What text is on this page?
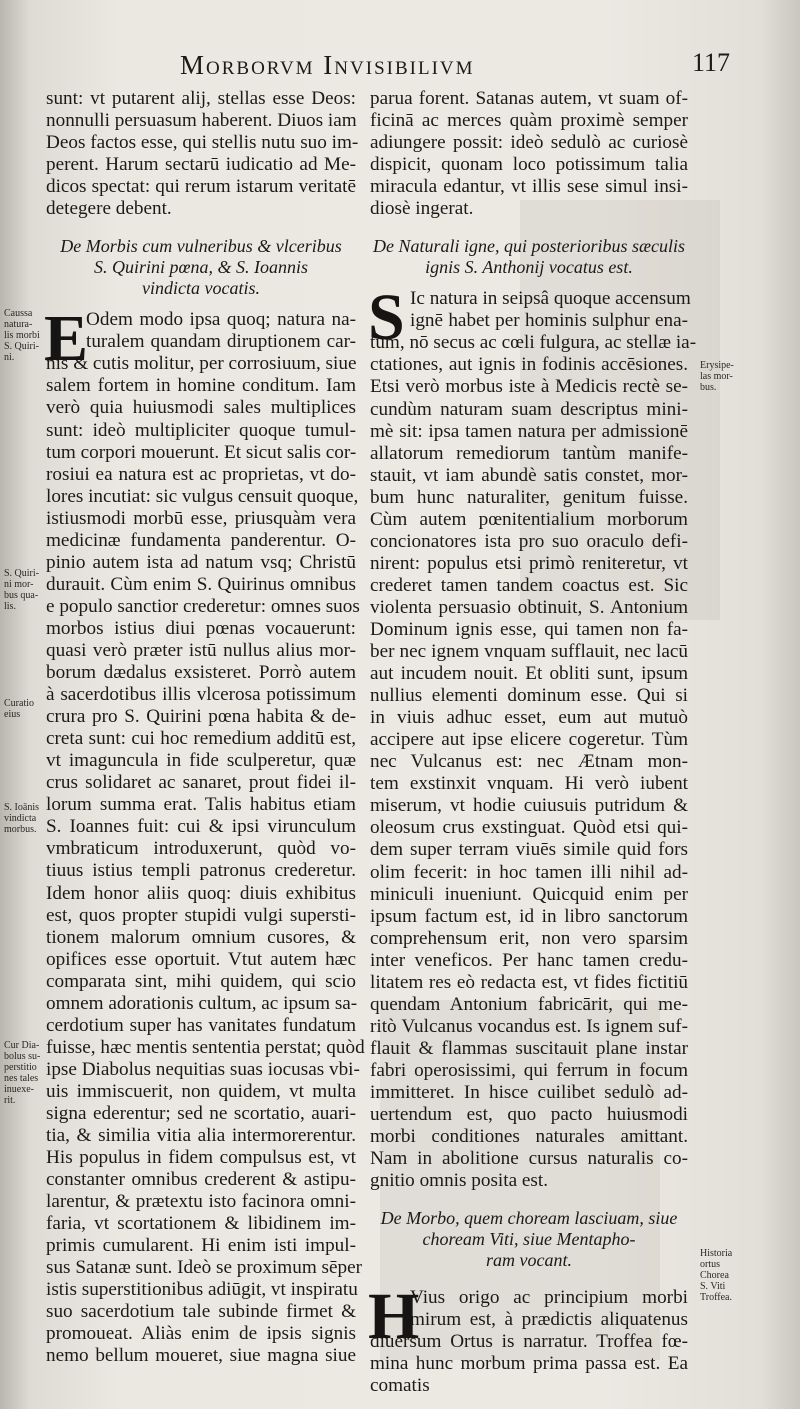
Morborvm Invisibilivm	117

sunt: vt putarent alij, stellas esse Deos:
nonnulli persuasum haberent. Diuos iam
Deos factos esse, qui stellis nutu suo im-
perent. Harum sectarū iudicatio ad Me-
dicos spectat: qui rerum istarum veritatē
detegere debent.

De Morbis cum vulneribus & vlceribus
S. Quirini pœna, & S. Ioannis
vindicta vocatis.
E
Odem modo ipsa quoq; natura na-
turalem quandam diruptionem car-
nis & cutis molitur, per corrosiuum, siue
salem fortem in homine conditum. Iam
verò quia huiusmodi sales multiplices
sunt: ideò multipliciter quoque tumul-
tum corpori mouerunt. Et sicut salis cor-
rosiui ea natura est ac proprietas, vt do-
lores incutiat: sic vulgus censuit quoque,
istiusmodi morbū esse, priusquàm vera
medicinæ fundamenta panderentur. O-
pinio autem ista ad natum vsq; Christū
durauit. Cùm enim S. Quirinus omnibus
e populo sanctior crederetur: omnes suos
morbos istius diui pœnas vocauerunt:
quasi verò præter istū nullus alius mor-
borum dædalus exsisteret. Porrò autem
à sacerdotibus illis vlcerosa potissimum
crura pro S. Quirini pœna habita & de-
creta sunt: cui hoc remedium additū est,
vt imaguncula in fide sculperetur, quæ
crus solidaret ac sanaret, prout fidei il-
lorum summa erat. Talis habitus etiam
S. Ioannes fuit: cui & ipsi virunculum
vmbraticum introduxerunt, quòd vo-
tiuus istius templi patronus crederetur.
Idem honor aliis quoq: diuis exhibitus
est, quos propter stupidi vulgi supersti-
tionem malorum omnium cusores, &
opifices esse oportuit. Vtut autem hæc
comparata sint, mihi quidem, qui scio
omnem adorationis cultum, ac ipsum sa-
cerdotium super has vanitates fundatum
fuisse, hæc mentis sententia perstat; quòd
ipse Diabolus nequitias suas iocusas vbi-
uis immiscuerit, non quidem, vt multa
signa ederentur; sed ne scortatio, auari-
tia, & similia vitia alia intermorerentur.
His populus in fidem compulsus est, vt
constanter omnibus crederent & astipu-
larentur, & prætextu isto facinora omni-
faria, vt scortationem & libidinem im-
primis cumularent. Hi enim isti impul-
sus Satanæ sunt. Ideò se proximum sēper
istis superstitionibus adiūgit, vt inspiratu
suo sacerdotium tale subinde firmet &
promoueat. Aliàs enim de ipsis signis
nemo bellum moueret, siue magna siue

parua forent. Satanas autem, vt suam of-
ficinā ac merces quàm proximè semper
adiungere possit: ideò sedulò ac curiosè
dispicit, quonam loco potissimum talia
miracula edantur, vt illis sese simul insi-
diosè ingerat.

De Naturali igne, qui posterioribus sæculis
ignis S. Anthonij vocatus est.
S Ic natura in seipsâ quoque accensum
ignē habet per hominis sulphur ena-
tum, nō secus ac cœli fulgura, ac stellæ ia-
ctationes, aut ignis in fodinis accēsiones.
Etsi verò morbus iste à Medicis rectè se-
cundùm naturam suam descriptus mini-
mè sit: ipsa tamen natura per admissionē
allatorum remediorum tantùm manife-
stauit, vt iam abundè satis constet, mor-
bum hunc naturaliter, genitum fuisse.
Cùm autem pœnitentialium morborum
concionatores ista pro suo oraculo defi-
nirent: populus etsi primò reniteretur, vt
crederet tamen tandem coactus est. Sic
violenta persuasio obtinuit, S. Antonium
Dominum ignis esse, qui tamen non fa-
ber nec ignem vnquam sufflauit, nec lacū
aut incudem nouit. Et obliti sunt, ipsum
nullius elementi dominum esse. Qui si
in viuis adhuc esset, eum aut mutuò
accipere aut ipse elicere cogeretur. Tùm
nec Vulcanus est: nec Ætnam mon-
tem exstinxit vnquam. Hi verò iubent
miserum, vt hodie cuiusuis putridum &
oleosum crus exstinguat. Quòd etsi qui-
dem super terram viuēs simile quid fors
olim fecerit: in hoc tamen illi nihil ad-
miniculi inueniunt. Quicquid enim per
ipsum factum est, id in libro sanctorum
comprehensum erit, non vero sparsim
inter veneficos. Per hanc tamen credu-
litatem res eò redacta est, vt fides fictitiū
quendam Antonium fabricārit, qui me-
ritò Vulcanus vocandus est. Is ignem suf-
flauit & flammas suscitauit plane instar
fabri operosissimi, qui ferrum in focum
immitteret. In hisce cuilibet sedulò ad-
uertendum est, quo pacto huiusmodi
morbi conditiones naturales amittant.
Nam in abolitione cursus naturalis co-
gnitio omnis posita est.
De Morbo, quem choream lasciuam, siue
choream Viti, siue Mentapho-
ram vocant.
H
Vius origo ac principium morbi
mirum est, à prædictis aliquatenus
diuersum Ortus is narratur. Troffea fœ-
mina hunc morbum prima passa est. Ea
comatis
Caussa
natura-
lis morbi
S. Quiri-
ni.
S. Quiri-
ni mor-
bus qua-
lis.
Curatio
eius
S. Ioānis
vindicta
morbus.
Cur Dia-
bolus su-
perstitio
nes tales
inuexe-
rit.
Erysipe-
las mor-
bus.
Historia
ortus
Chorea
S. Viti
Troffea.
